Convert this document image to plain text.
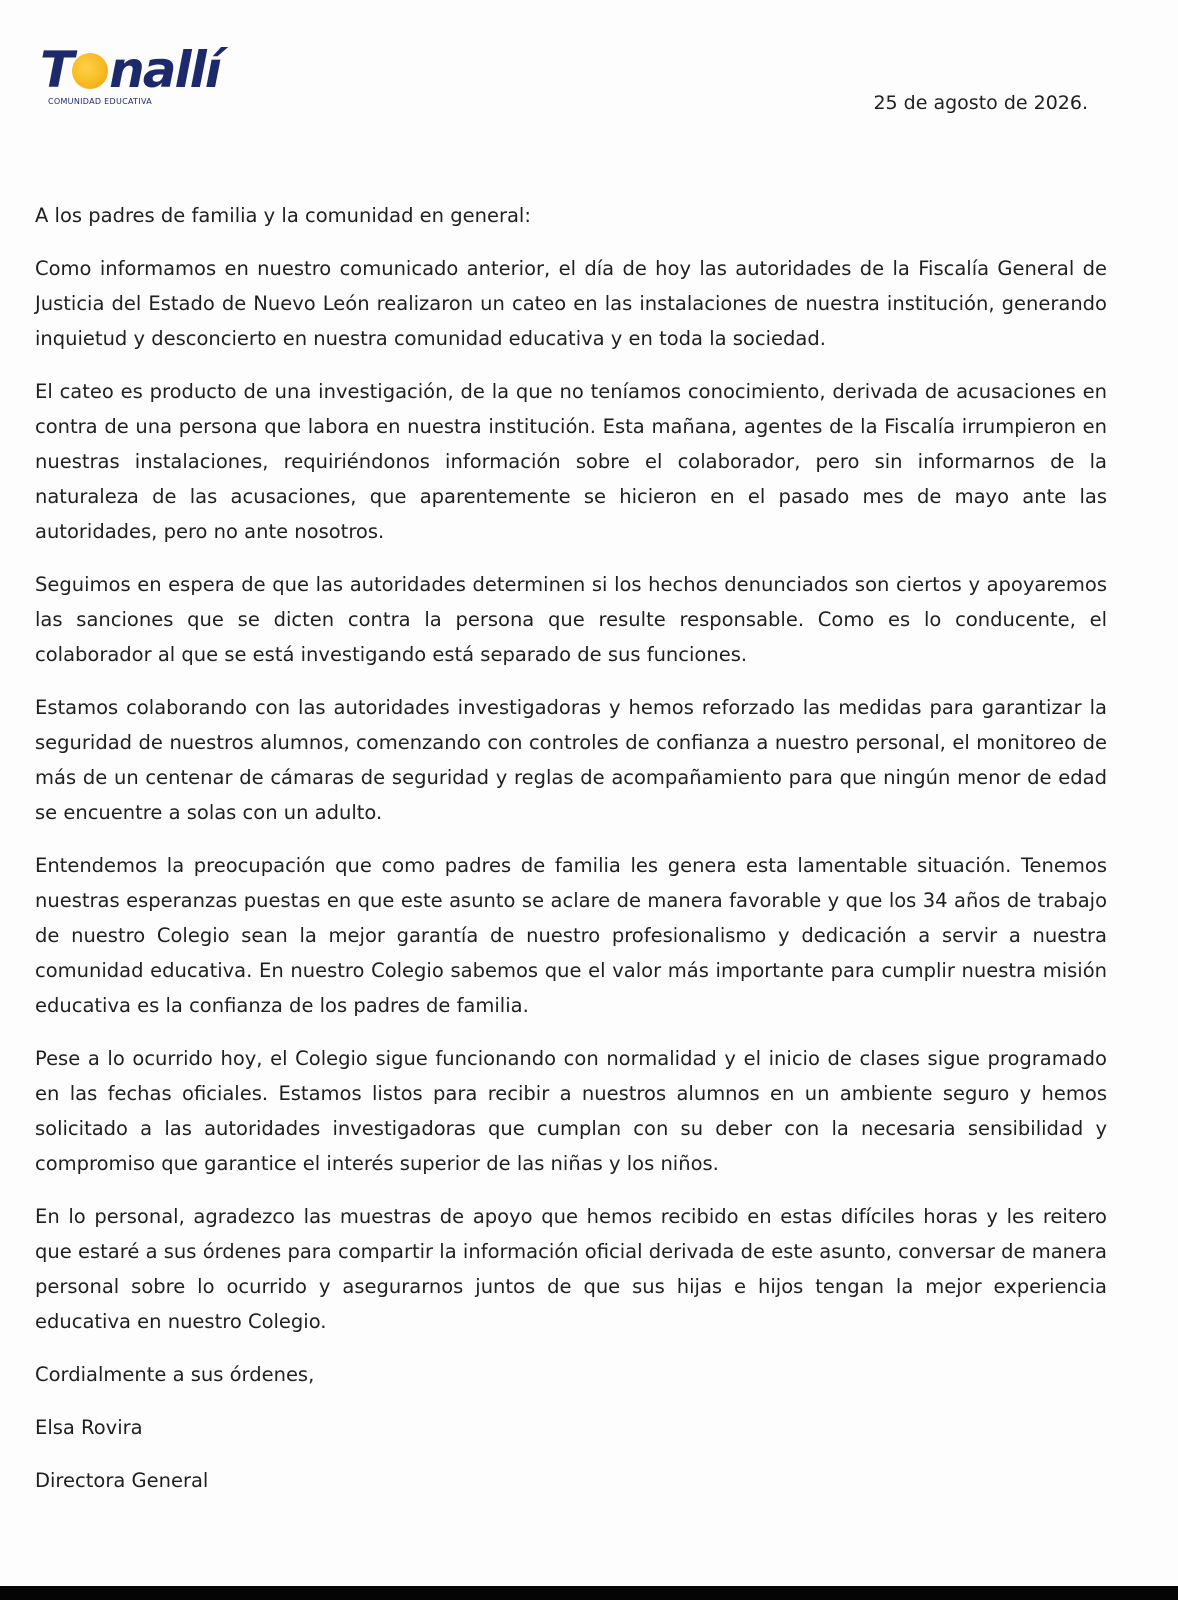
T nallí
COMUNIDAD EDUCATIVA	25 de agosto de 2026.

A los padres de familia y la comunidad en general:

Como informamos en nuestro comunicado anterior, el día de hoy las autoridades de la Fiscalía General de Justicia del Estado de Nuevo León realizaron un cateo en las instalaciones de nuestra institución, generando inquietud y desconcierto en nuestra comunidad educativa y en toda la sociedad.

El cateo es producto de una investigación, de la que no teníamos conocimiento, derivada de acusaciones en contra de una persona que labora en nuestra institución. Esta mañana, agentes de la Fiscalía irrumpieron en nuestras instalaciones, requiriéndonos información sobre el colaborador, pero sin informarnos de la naturaleza de las acusaciones, que aparentemente se hicieron en el pasado mes de mayo ante las autoridades, pero no ante nosotros.

Seguimos en espera de que las autoridades determinen si los hechos denunciados son ciertos y apoyaremos las sanciones que se dicten contra la persona que resulte responsable. Como es lo conducente, el colaborador al que se está investigando está separado de sus funciones.

Estamos colaborando con las autoridades investigadoras y hemos reforzado las medidas para garantizar la seguridad de nuestros alumnos, comenzando con controles de confianza a nuestro personal, el monitoreo de más de un centenar de cámaras de seguridad y reglas de acompañamiento para que ningún menor de edad se encuentre a solas con un adulto.

Entendemos la preocupación que como padres de familia les genera esta lamentable situación. Tenemos nuestras esperanzas puestas en que este asunto se aclare de manera favorable y que los 34 años de trabajo de nuestro Colegio sean la mejor garantía de nuestro profesionalismo y dedicación a servir a nuestra comunidad educativa. En nuestro Colegio sabemos que el valor más importante para cumplir nuestra misión educativa es la confianza de los padres de familia.

Pese a lo ocurrido hoy, el Colegio sigue funcionando con normalidad y el inicio de clases sigue programado en las fechas oficiales. Estamos listos para recibir a nuestros alumnos en un ambiente seguro y hemos solicitado a las autoridades investigadoras que cumplan con su deber con la necesaria sensibilidad y compromiso que garantice el interés superior de las niñas y los niños.

En lo personal, agradezco las muestras de apoyo que hemos recibido en estas difíciles horas y les reitero que estaré a sus órdenes para compartir la información oficial derivada de este asunto, conversar de manera personal sobre lo ocurrido y asegurarnos juntos de que sus hijas e hijos tengan la mejor experiencia educativa en nuestro Colegio.

Cordialmente a sus órdenes,

Elsa Rovira

Directora General
